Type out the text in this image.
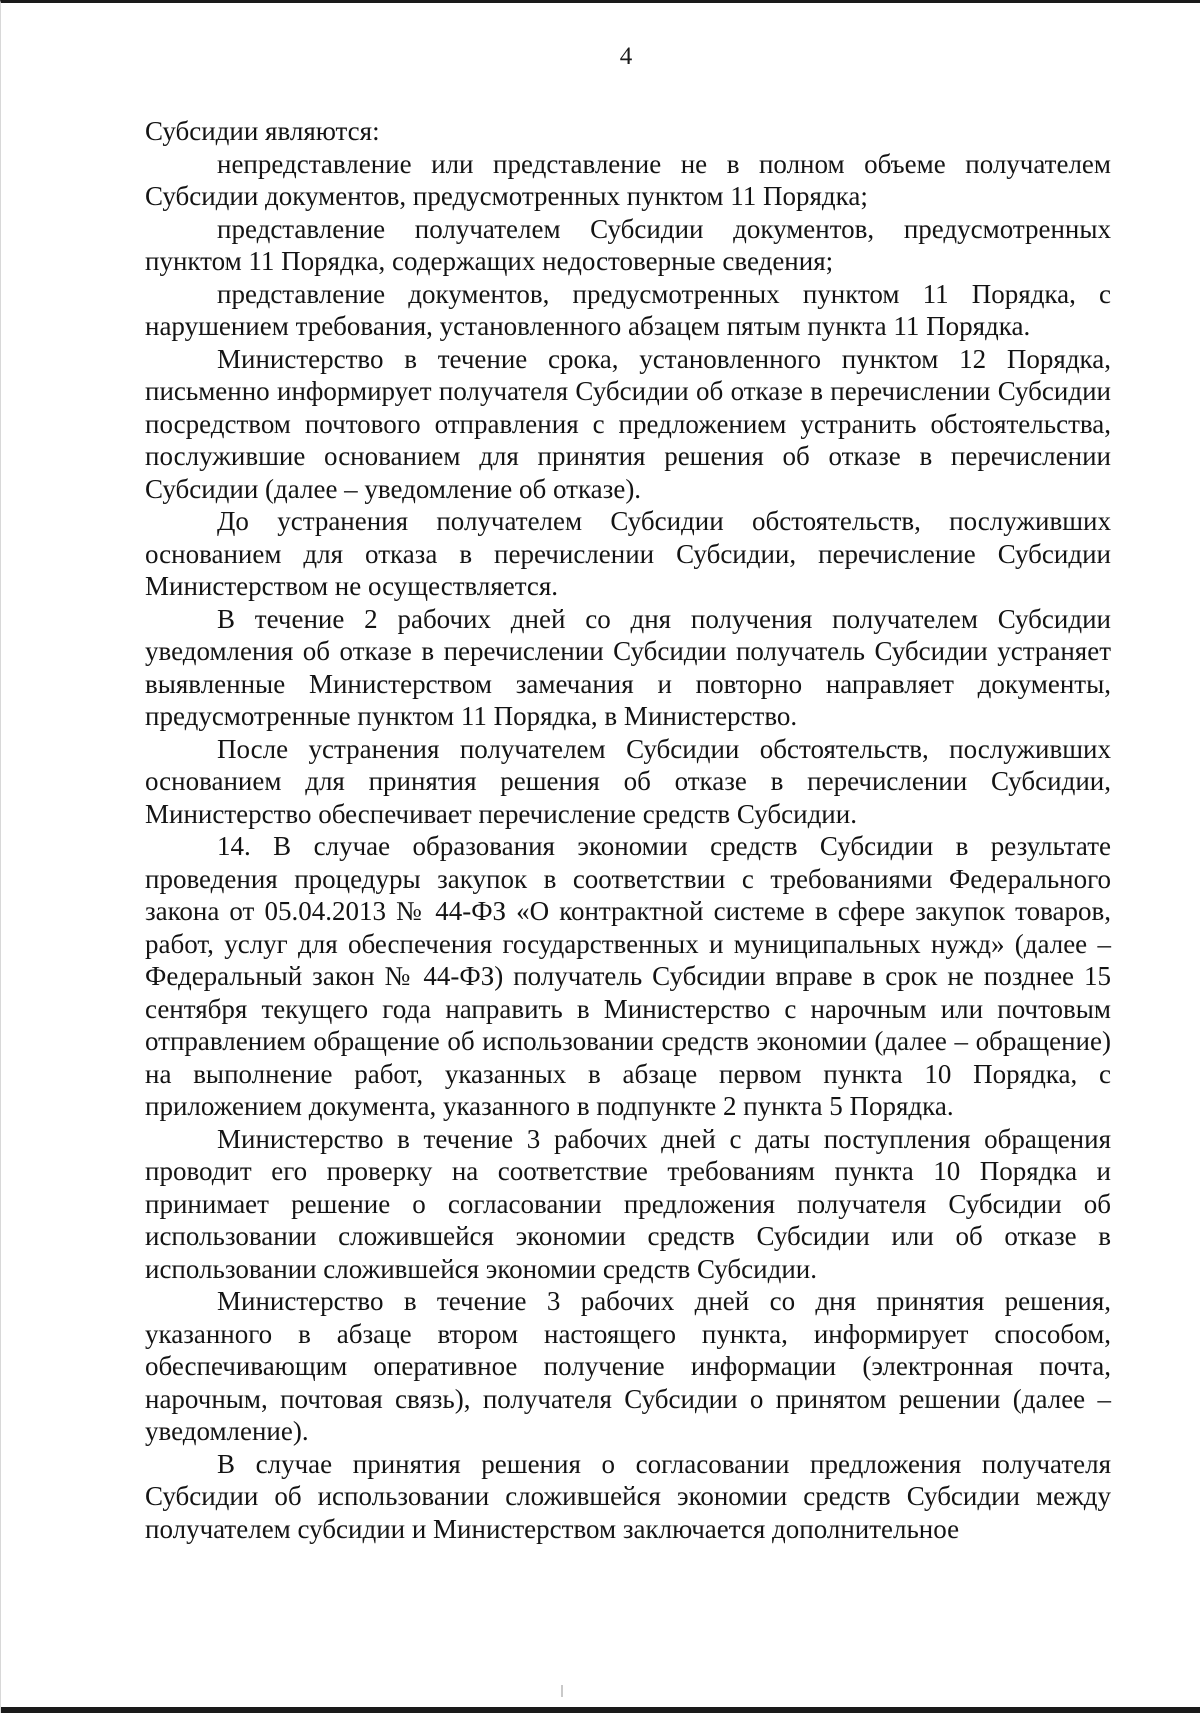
4

Субсидии являются:

непредставление или представление не в полном объеме получателем Субсидии документов, предусмотренных пунктом 11 Порядка;

представление получателем Субсидии документов, предусмотренных пунктом 11 Порядка, содержащих недостоверные сведения;

представление документов, предусмотренных пунктом 11 Порядка, с нарушением требования, установленного абзацем пятым пункта 11 Порядка.

Министерство в течение срока, установленного пунктом 12 Порядка, письменно информирует получателя Субсидии об отказе в перечислении Субсидии посредством почтового отправления с предложением устранить обстоятельства, послужившие основанием для принятия решения об отказе в перечислении Субсидии (далее – уведомление об отказе).

До устранения получателем Субсидии обстоятельств, послуживших основанием для отказа в перечислении Субсидии, перечисление Субсидии Министерством не осуществляется.

В течение 2 рабочих дней со дня получения получателем Субсидии уведомления об отказе в перечислении Субсидии получатель Субсидии устраняет выявленные Министерством замечания и повторно направляет документы, предусмотренные пунктом 11 Порядка, в Министерство.

После устранения получателем Субсидии обстоятельств, послуживших основанием для принятия решения об отказе в перечислении Субсидии, Министерство обеспечивает перечисление средств Субсидии.

14. В случае образования экономии средств Субсидии в результате проведения процедуры закупок в соответствии с требованиями Федерального закона от 05.04.2013 № 44-ФЗ «О контрактной системе в сфере закупок товаров, работ, услуг для обеспечения государственных и муниципальных нужд» (далее – Федеральный закон № 44-ФЗ) получатель Субсидии вправе в срок не позднее 15 сентября текущего года направить в Министерство с нарочным или почтовым отправлением обращение об использовании средств экономии (далее – обращение) на выполнение работ, указанных в абзаце первом пункта 10 Порядка, с приложением документа, указанного в подпункте 2 пункта 5 Порядка.

Министерство в течение 3 рабочих дней с даты поступления обращения проводит его проверку на соответствие требованиям пункта 10 Порядка и принимает решение о согласовании предложения получателя Субсидии об использовании сложившейся экономии средств Субсидии или об отказе в использовании сложившейся экономии средств Субсидии.

Министерство в течение 3 рабочих дней со дня принятия решения, указанного в абзаце втором настоящего пункта, информирует способом, обеспечивающим оперативное получение информации (электронная почта, нарочным, почтовая связь), получателя Субсидии о принятом решении (далее – уведомление).

В случае принятия решения о согласовании предложения получателя Субсидии об использовании сложившейся экономии средств Субсидии между получателем субсидии и Министерством заключается дополнительное
